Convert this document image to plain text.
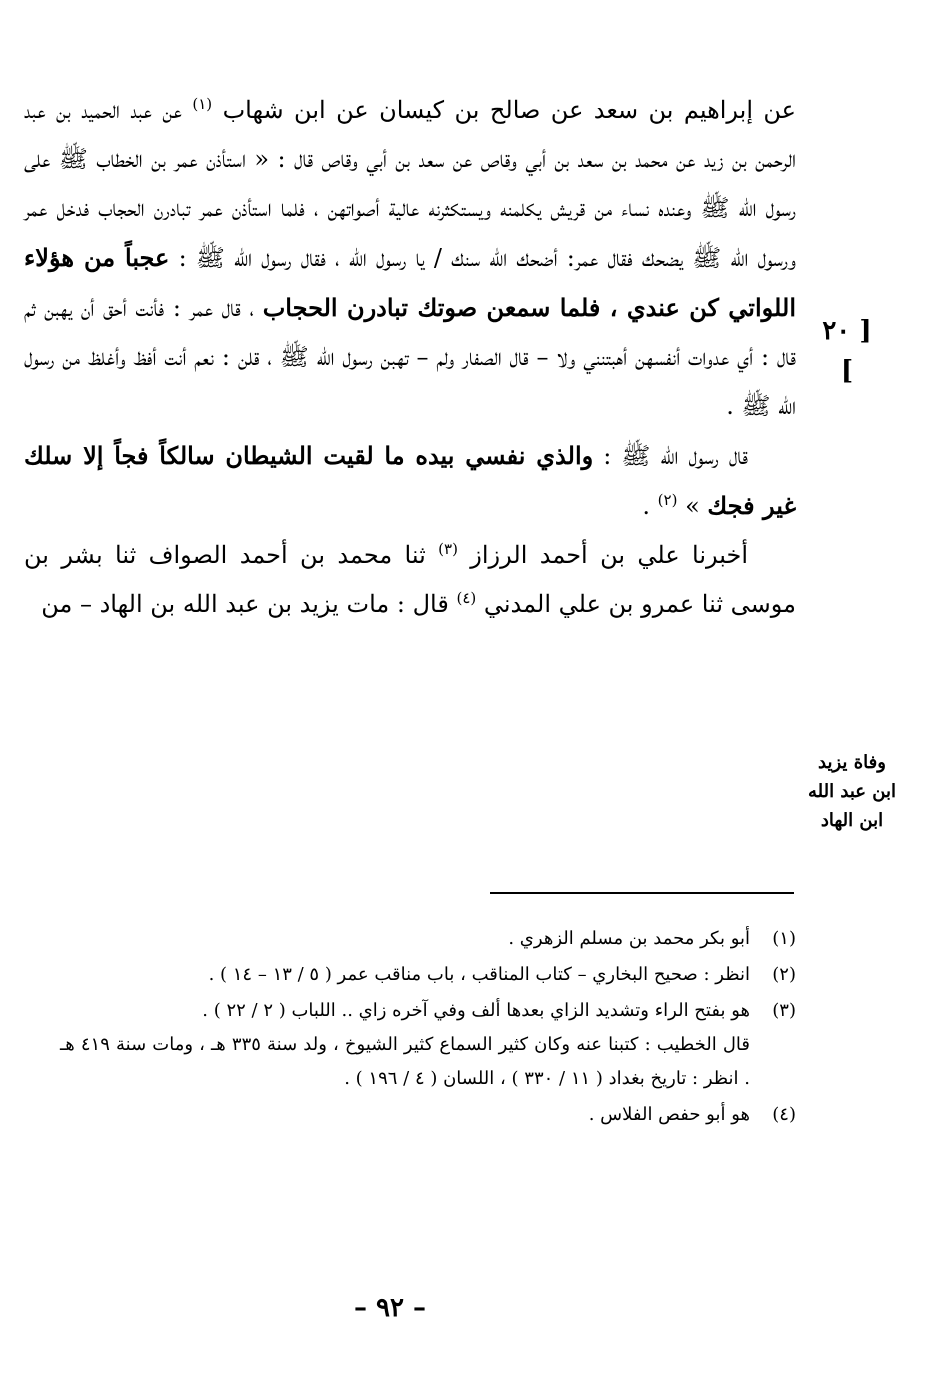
عن إبراهيم بن سعد عن صالح بن كيسان عن ابن شهاب $^{(١)}$ عن عبد الحميد بن عبد الرحمن بن زيد عن محمد بن سعد بن أبي وقاص عن سعد بن أبي وقاص قال : « استأذن عمر بن الخطاب ﷺ على رسول الله ﷺ وعنده نساء من قريش يكلمنه ويستكثرنه عالية أصواتهن ، فلما استأذن عمر تبادرن الحجاب فدخل عمر ورسول الله ﷺ يضحك فقال عمر: أضحك الله سنك / يا رسول الله ، فقال رسول الله ﷺ : عجباً من هؤلاء اللواتي كن عندي ، فلما سمعن صوتك تبادرن الحجاب ، قال عمر : فأنت أحق أن يهبن ثم قال : أي عدوات أنفسهن أهبتنني ولا – قال الصفار ولم – تهبن رسول الله ﷺ ، قلن : نعم أنت أفظ وأغلظ من رسول الله ﷺ .

قال رسول الله ﷺ : والذي نفسي بيده ما لقيت الشيطان سالكاً فجاً إلا سلك غير فجك » $^{(٢)}$ .

أخبرنا علي بن أحمد الرزاز $^{(٣)}$ ثنا محمد بن أحمد الصواف ثنا بشر بن موسى ثنا عمرو بن علي المدني $^{(٤)}$ قال : مات يزيد بن عبد الله بن الهاد – من

[ ٢٠ ]
وفاة يزيد
ابن عبد الله
ابن الهاد
(١)
أبو بكر محمد بن مسلم الزهري .
(٢)
انظر : صحيح البخاري – كتاب المناقب ، باب مناقب عمر ( ٥ / ١٣ – ١٤ ) .
(٣)
هو بفتح الراء وتشديد الزاي بعدها ألف وفي آخره زاي .. اللباب ( ٢ / ٢٢ ) .
قال الخطيب : كتبنا عنه وكان كثير السماع كثير الشيوخ ، ولد سنة ٣٣٥ هـ ، ومات سنة ٤١٩ هـ . انظر : تاريخ بغداد ( ١١ / ٣٣٠ ) ، اللسان ( ٤ / ١٩٦ ) .
(٤)
هو أبو حفص الفلاس .
– ٩٢ –
